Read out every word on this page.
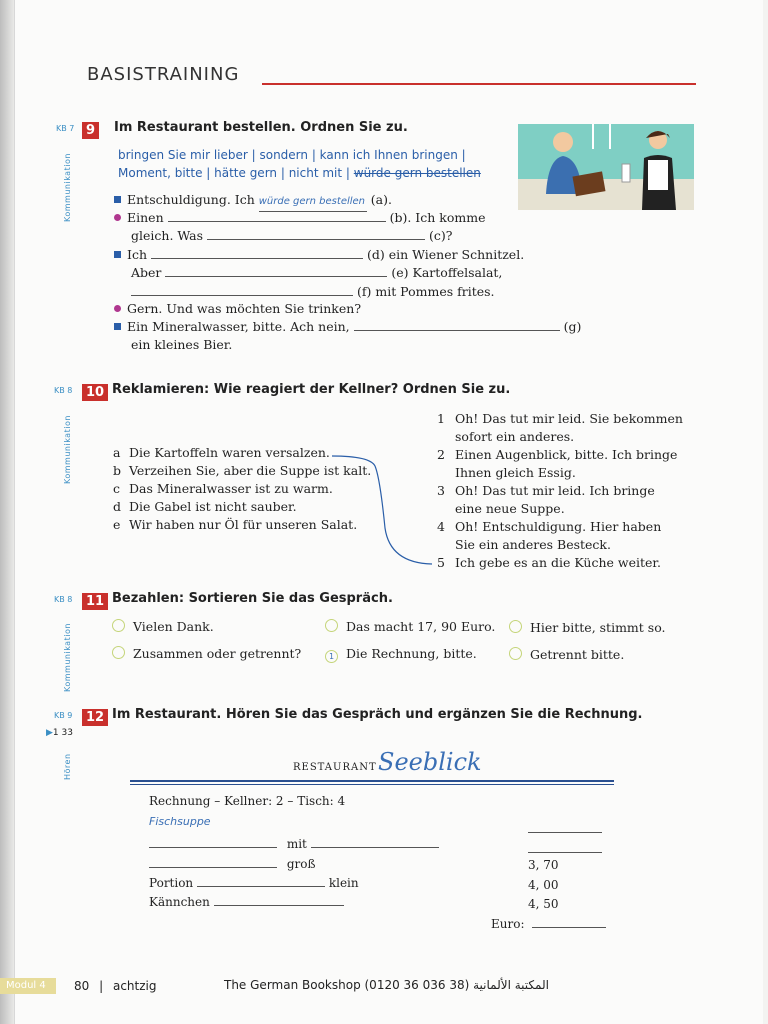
BASISTRAINING
KB 7 9	Im Restaurant bestellen. Ordnen Sie zu.
Kommunikation	bringen Sie mir lieber | sondern | kann ich Ihnen bringen |
Moment, bitte | hätte gern | nicht mit | würde gern bestellen
Entschuldigung. Ich würde gern bestellen (a).
Einen	(b). Ich komme
gleich. Was	(c)?
Ich	(d) ein Wiener Schnitzel.
Aber	(e) Kartoffelsalat,
(f) mit Pommes frites.
Gern. Und was möchten Sie trinken?
Ein Mineralwasser, bitte. Ach nein,	(g)
ein kleines Bier.
KB 8	10 Reklamieren: Wie reagiert der Kellner? Ordnen Sie zu.
Kommunikation	a Die Kartoffeln waren versalzen.
b Verzeihen Sie, aber die Suppe ist kalt.
c Das Mineralwasser ist zu warm.
d Die Gabel ist nicht sauber.
e Wir haben nur Öl für unseren Salat.
1 Oh! Das tut mir leid. Sie bekommen
sofort ein anderes.
2 Einen Augenblick, bitte. Ich bringe
Ihnen gleich Essig.
3 Oh! Das tut mir leid. Ich bringe
eine neue Suppe.
4 Oh! Entschuldigung. Hier haben
Sie ein anderes Besteck.
5 Ich gebe es an die Küche weiter.
KB 8	11 Bezahlen: Sortieren Sie das Gespräch.
Kommunikation	Vielen Dank.	Das macht 17, 90 Euro.	Hier bitte, stimmt so.
Zusammen oder getrennt?	1 Die Rechnung, bitte.	Getrennt bitte.
KB 9	12 Im Restaurant. Hören Sie das Gespräch und ergänzen Sie die Rechnung.
▶1 33
Hören	RESTAURANT Seeblick
Rechnung – Kellner: 2 – Tisch: 4
Fischsuppe
mit
groß	3, 70
Portion	klein	4, 00
Kännchen	4, 50
Euro:
Modul 4	80 | achtzig	The German Bookshop (0120 36 036 38) المكتبة الألمانية
